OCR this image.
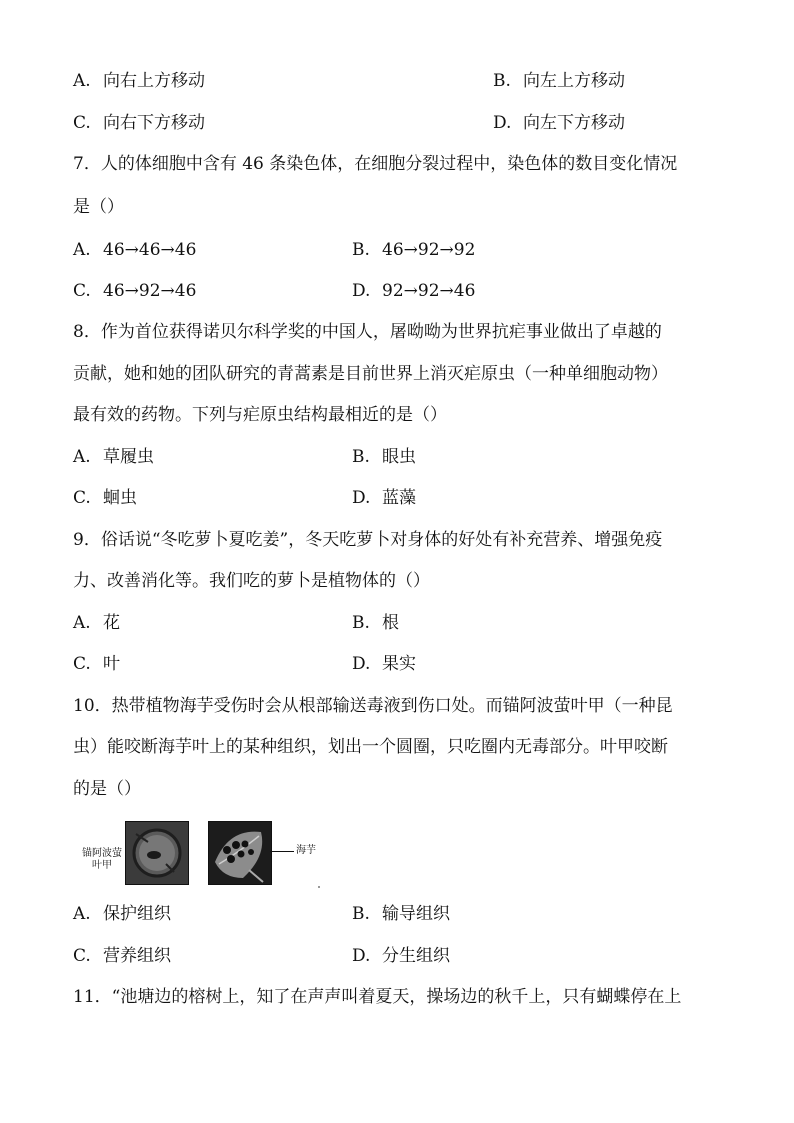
A. 向右上方移动	B. 向左上方移动
C. 向右下方移动	D. 向左下方移动
7．人的体细胞中含有 46 条染色体，在细胞分裂过程中，染色体的数目变化情况
是（）
A. 46→46→46	B. 46→92→92
C. 46→92→46	D. 92→92→46
8．作为首位获得诺贝尔科学奖的中国人，屠呦呦为世界抗疟事业做出了卓越的
贡献，她和她的团队研究的青蒿素是目前世界上消灭疟原虫（一种单细胞动物）
最有效的药物。下列与疟原虫结构最相近的是（）
A. 草履虫	B. 眼虫
C. 蛔虫	D. 蓝藻
9．俗话说“冬吃萝卜夏吃姜”，冬天吃萝卜对身体的好处有补充营养、增强免疫
力、改善消化等。我们吃的萝卜是植物体的（）
A. 花	B. 根
C. 叶	D. 果实
10．热带植物海芋受伤时会从根部输送毒液到伤口处。而锚阿波萤叶甲（一种昆
虫）能咬断海芋叶上的某种组织，划出一个圆圈，只吃圈内无毒部分。叶甲咬断
的是（）
锚阿波萤
叶甲
海芋
A. 保护组织	B. 输导组织
C. 营养组织	D. 分生组织
11．“池塘边的榕树上，知了在声声叫着夏天，操场边的秋千上，只有蝴蝶停在上
